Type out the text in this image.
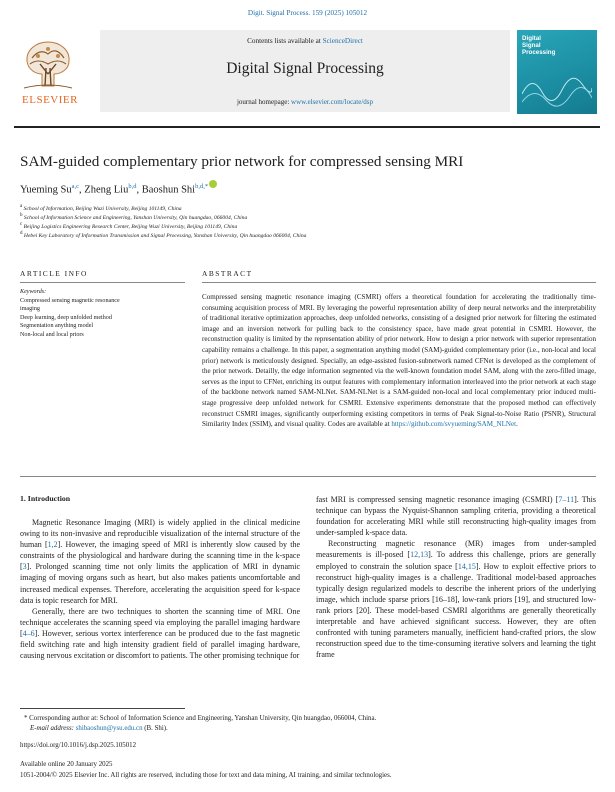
Digit. Signal Process. 159 (2025) 105012
Contents lists available at ScienceDirect
Digital Signal Processing
journal homepage: www.elsevier.com/locate/dsp
ELSEVIER
Digital
Signal
Processing
SAM-guided complementary prior network for compressed sensing MRI
Yueming Su$^{a,c}$, Zheng Liu$^{b,d}$, Baoshun Shi$^{b,d,*}$
a School of Information, Beijing Wuzi University, Beijing 101149, China
b School of Information Science and Engineering, Yanshan University, Qin huangdao, 066004, China
c Beijing Logistics Engineering Research Center, Beijing Wuzi University, Beijing 101149, China
d Hebei Key Laboratory of Information Transmission and Signal Processing, Yanshan University, Qin huangdao 066004, China
ARTICLE INFO
Keywords:
Compressed sensing magnetic resonance
imaging
Deep learning, deep unfolded method
Segmentation anything model
Non-local and local priors
ABSTRACT
Compressed sensing magnetic resonance imaging (CSMRI) offers a theoretical foundation for accelerating the traditionally time-consuming acquisition process of MRI. By leveraging the powerful representation ability of deep neural networks and the interpretability of traditional iterative optimization approaches, deep unfolded networks, consisting of a designed prior network for filtering the estimated image and an inversion network for pulling back to the consistency space, have made great potential in CSMRI. However, the reconstruction quality is limited by the representation ability of prior network. How to design a prior network with superior representation capability remains a challenge. In this paper, a segmentation anything model (SAM)-guided complementary prior (i.e., non-local and local prior) network is meticulously designed. Specially, an edge-assisted fusion-subnetwork named CFNet is developed as the complement of the prior network. Detailly, the edge information segmented via the well-known foundation model SAM, along with the zero-filled image, serves as the input to CFNet, enriching its output features with complementary information interleaved into the prior network at each stage of the backbone network named SAM-NLNet. SAM-NLNet is a SAM-guided non-local and local complementary prior induced multi-stage progressive deep unfolded network for CSMRI. Extensive experiments demonstrate that the proposed method can effectively reconstruct CSMRI images, significantly outperforming existing competitors in terms of Peak Signal-to-Noise Ratio (PSNR), Structural Similarity Index (SSIM), and visual quality. Codes are available at https://github.com/svyueming/SAM_NLNet.
1. Introduction
Magnetic Resonance Imaging (MRI) is widely applied in the clinical medicine owing to its non-invasive and reproducible visualization of the internal structure of the human [1,2]. However, the imaging speed of MRI is inherently slow caused by the constraints of the physiological and hardware during the scanning time in the k-space [3]. Prolonged scanning time not only limits the application of MRI in dynamic imaging of moving organs such as heart, but also makes patients uncomfortable and increased medical expenses. Therefore, accelerating the acquisition speed for k-space data is topic research for MRI.
Generally, there are two techniques to shorten the scanning time of MRI. One technique accelerates the scanning speed via employing the parallel imaging hardware [4–6]. However, serious vortex interference can be produced due to the fast magnetic field switching rate and high intensity gradient field of parallel imaging hardware, causing nervous excitation or discomfort to patients. The other promising technique for
fast MRI is compressed sensing magnetic resonance imaging (CSMRI) [7–11]. This technique can bypass the Nyquist-Shannon sampling criteria, providing a theoretical foundation for accelerating MRI while still reconstructing high-quality images from under-sampled k-space data.
Reconstructing magnetic resonance (MR) images from under-sampled measurements is ill-posed [12,13]. To address this challenge, priors are generally employed to constrain the solution space [14,15]. How to exploit effective priors to reconstruct high-quality images is a challenge. Traditional model-based approaches typically design regularized models to describe the inherent priors of the underlying image, which include sparse priors [16–18], low-rank priors [19], and structured low-rank priors [20]. These model-based CSMRI algorithms are generally theoretically interpretable and have achieved significant success. However, they are often confronted with tuning parameters manually, inefficient hand-crafted priors, the slow reconstruction speed due to the time-consuming iterative solvers and learning the tight frame
* Corresponding author at: School of Information Science and Engineering, Yanshan University, Qin huangdao, 066004, China.
E-mail address: shibaoshun@ysu.edu.cn (B. Shi).
https://doi.org/10.1016/j.dsp.2025.105012
Available online 20 January 2025
1051-2004/© 2025 Elsevier Inc. All rights are reserved, including those for text and data mining, AI training, and similar technologies.
